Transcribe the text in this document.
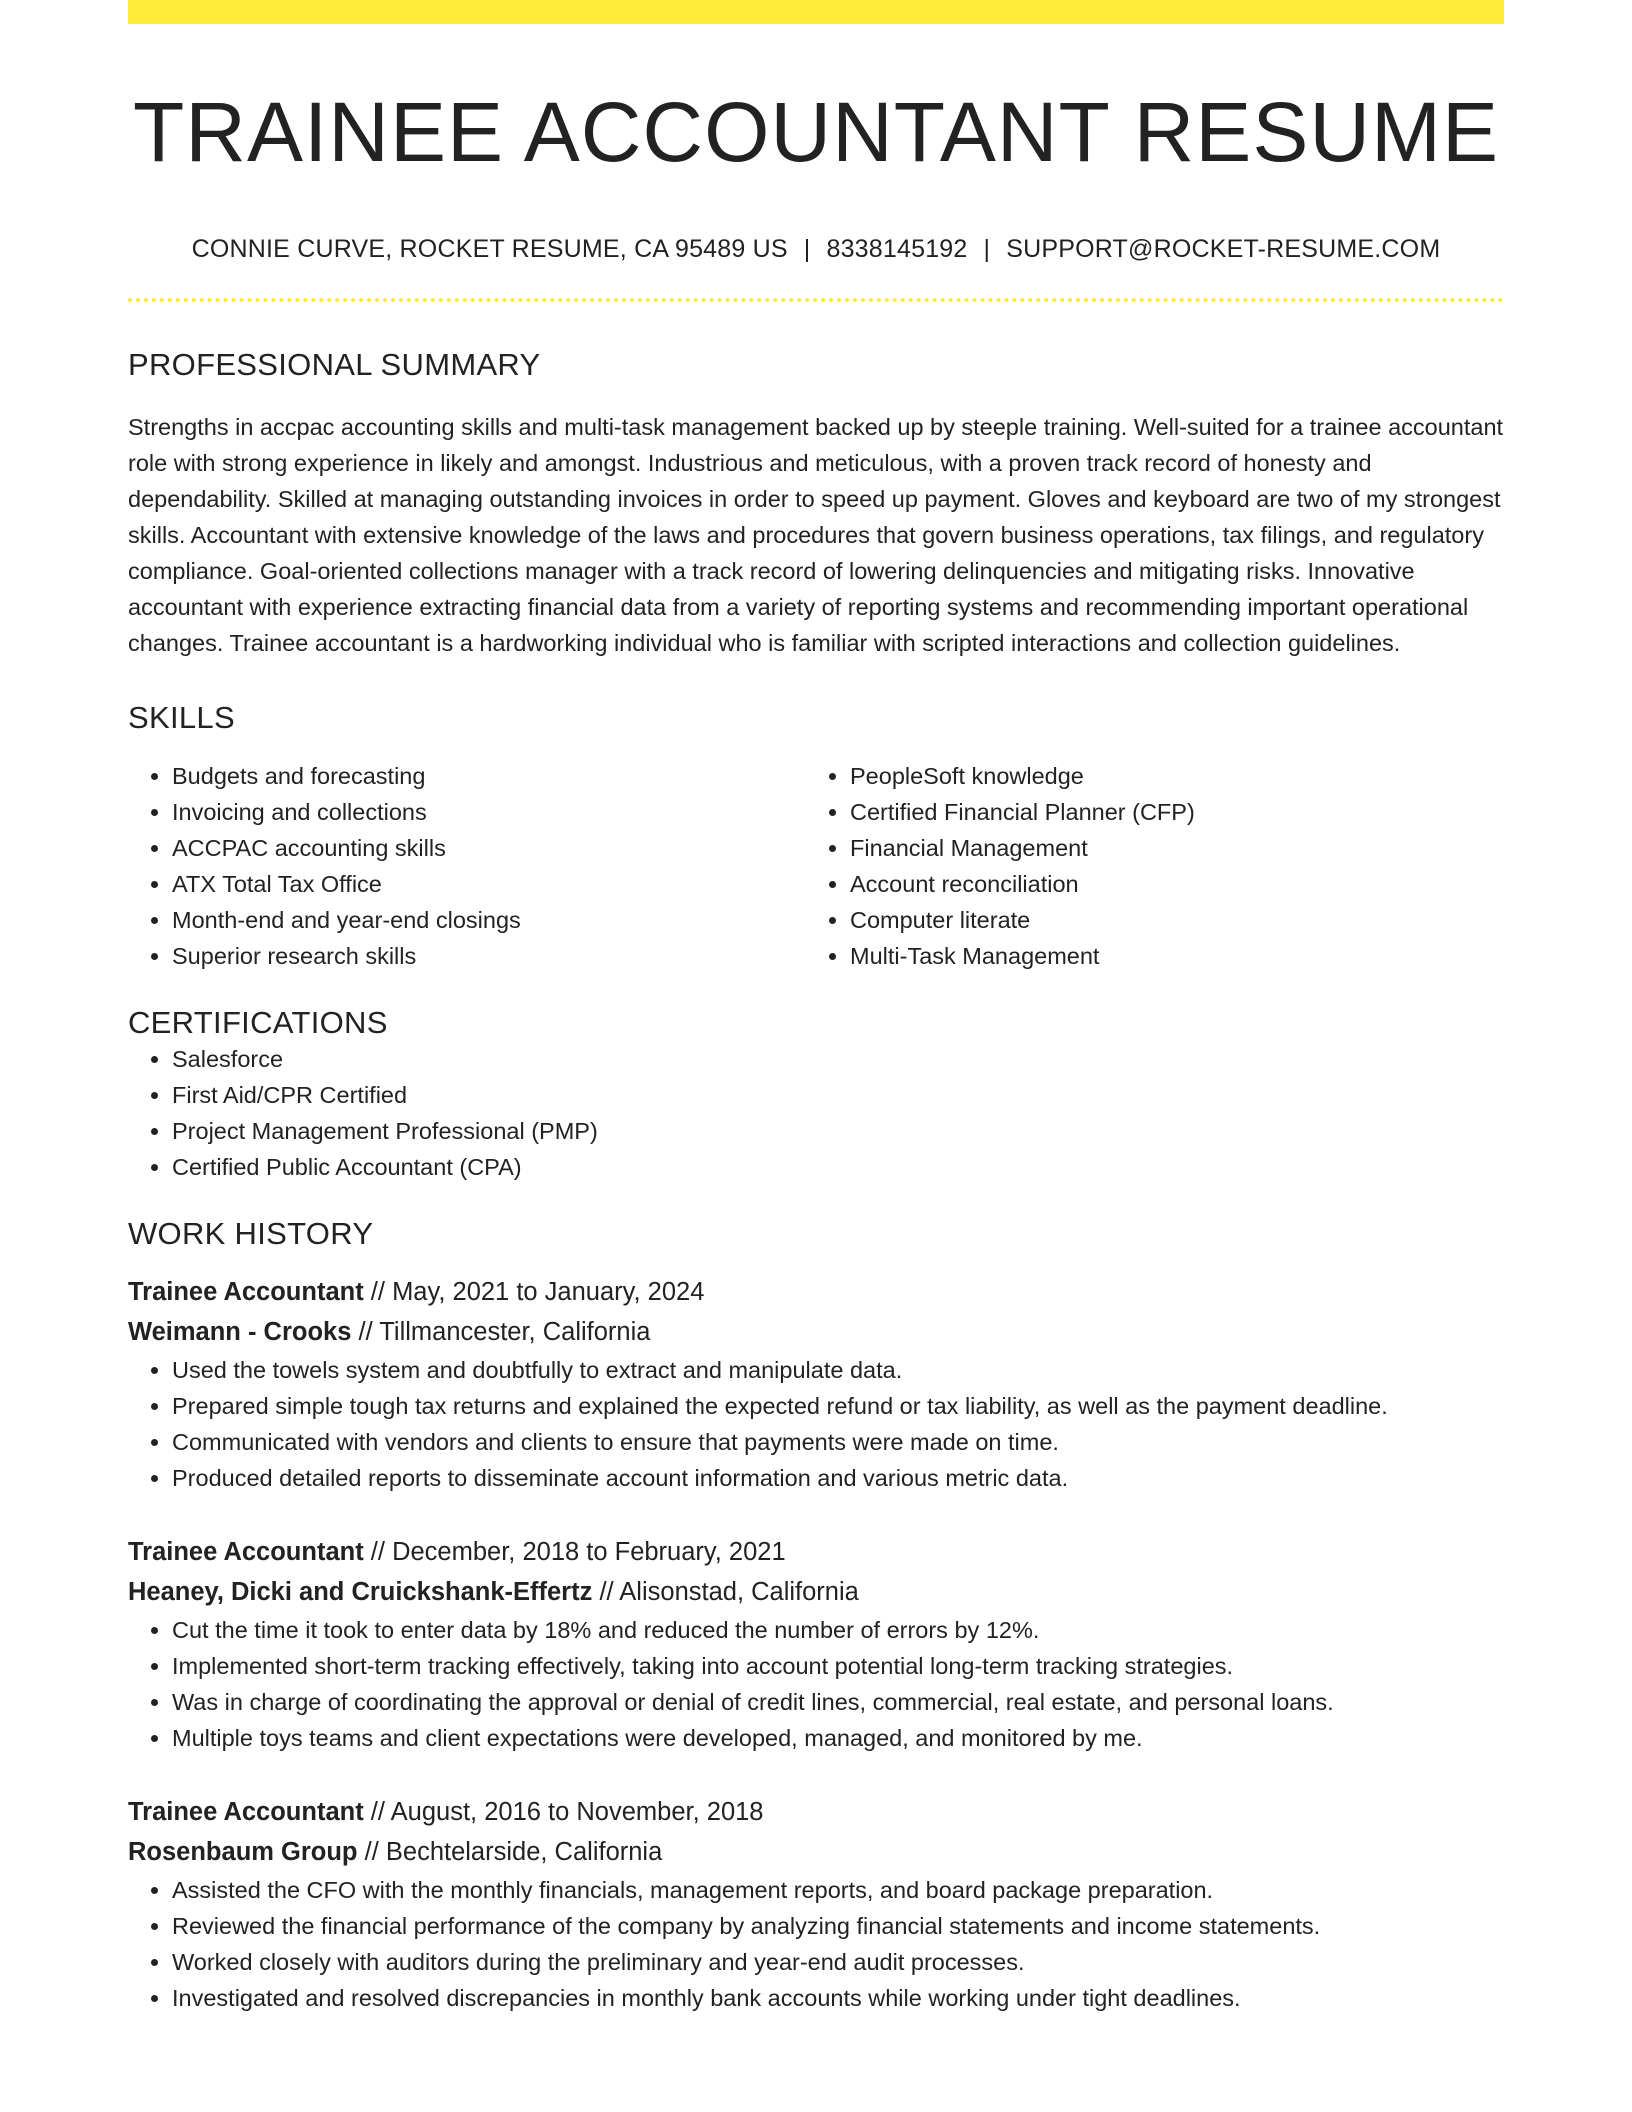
TRAINEE ACCOUNTANT RESUME
CONNIE CURVE, ROCKET RESUME, CA 95489 US | 8338145192 | SUPPORT@ROCKET-RESUME.COM
PROFESSIONAL SUMMARY

Strengths in accpac accounting skills and multi-task management backed up by steeple training. Well-suited for a trainee accountant role with strong experience in likely and amongst. Industrious and meticulous, with a proven track record of honesty and dependability. Skilled at managing outstanding invoices in order to speed up payment. Gloves and keyboard are two of my strongest skills. Accountant with extensive knowledge of the laws and procedures that govern business operations, tax filings, and regulatory compliance. Goal-oriented collections manager with a track record of lowering delinquencies and mitigating risks. Innovative accountant with experience extracting financial data from a variety of reporting systems and recommending important operational changes. Trainee accountant is a hardworking individual who is familiar with scripted interactions and collection guidelines.

SKILLS
• Budgets and forecasting
• Invoicing and collections
• ACCPAC accounting skills
• ATX Total Tax Office
• Month-end and year-end closings
• Superior research skills
• PeopleSoft knowledge
• Certified Financial Planner (CFP)
• Financial Management
• Account reconciliation
• Computer literate
• Multi-Task Management
CERTIFICATIONS
• Salesforce
• First Aid/CPR Certified
• Project Management Professional (PMP)
• Certified Public Accountant (CPA)
WORK HISTORY
Trainee Accountant // May, 2021 to January, 2024
Weimann - Crooks // Tillmancester, California
• Used the towels system and doubtfully to extract and manipulate data.
• Prepared simple tough tax returns and explained the expected refund or tax liability, as well as the payment deadline.
• Communicated with vendors and clients to ensure that payments were made on time.
• Produced detailed reports to disseminate account information and various metric data.
Trainee Accountant // December, 2018 to February, 2021
Heaney, Dicki and Cruickshank-Effertz // Alisonstad, California
• Cut the time it took to enter data by 18% and reduced the number of errors by 12%.
• Implemented short-term tracking effectively, taking into account potential long-term tracking strategies.
• Was in charge of coordinating the approval or denial of credit lines, commercial, real estate, and personal loans.
• Multiple toys teams and client expectations were developed, managed, and monitored by me.
Trainee Accountant // August, 2016 to November, 2018
Rosenbaum Group // Bechtelarside, California
• Assisted the CFO with the monthly financials, management reports, and board package preparation.
• Reviewed the financial performance of the company by analyzing financial statements and income statements.
• Worked closely with auditors during the preliminary and year-end audit processes.
• Investigated and resolved discrepancies in monthly bank accounts while working under tight deadlines.
